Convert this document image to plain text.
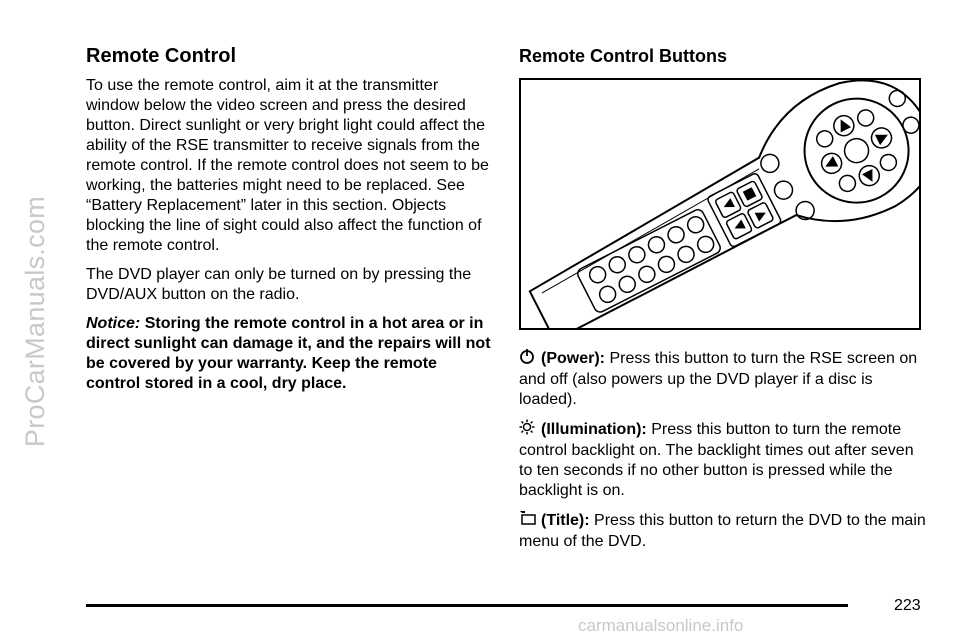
ProCarManuals.com
Remote Control

To use the remote control, aim it at the transmitter window below the video screen and press the desired button. Direct sunlight or very bright light could affect the ability of the RSE transmitter to receive signals from the remote control. If the remote control does not seem to be working, the batteries might need to be replaced. See “Battery Replacement” later in this section. Objects blocking the line of sight could also affect the function of the remote control.

The DVD player can only be turned on by pressing the DVD/AUX button on the radio.

Notice: Storing the remote control in a hot area or in direct sunlight can damage it, and the repairs will not be covered by your warranty. Keep the remote control stored in a cool, dry place.

Remote Control Buttons

(Power): Press this button to turn the RSE screen on and off (also powers up the DVD player if a disc is loaded).

(Illumination): Press this button to turn the remote control backlight on. The backlight times out after seven to ten seconds if no other button is pressed while the backlight is on.

(Title): Press this button to return the DVD to the main menu of the DVD.

223
carmanualsonline.info
